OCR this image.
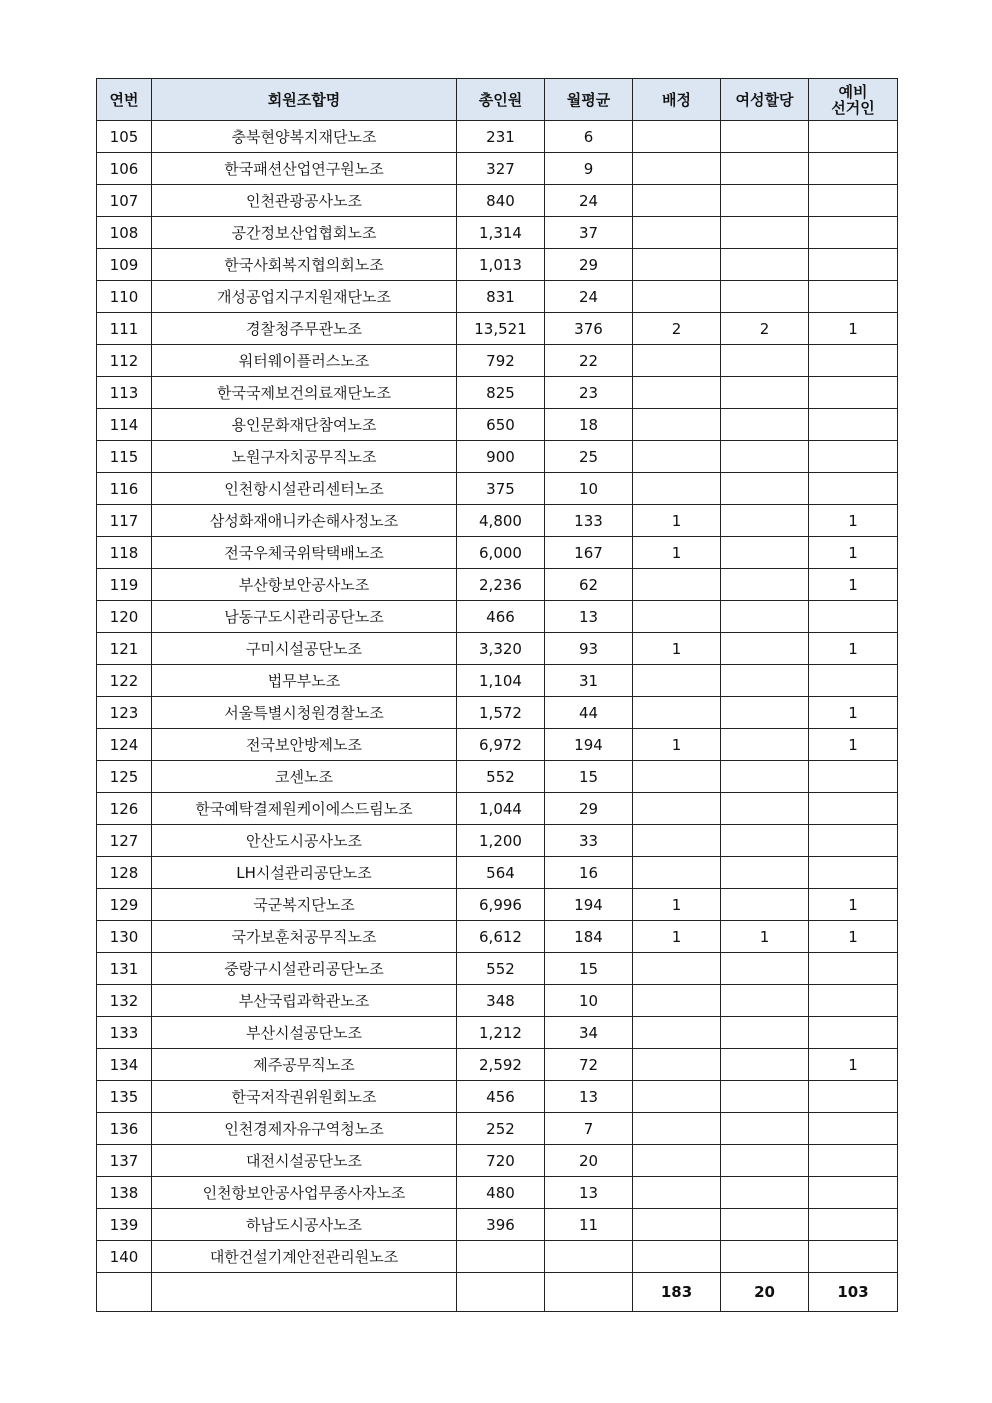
연번	회원조합명	총인원	월평균	배정	여성할당	예비
선거인

105	충북현양복지재단노조	231	6			
106	한국패션산업연구원노조	327	9			
107	인천관광공사노조	840	24			
108	공간정보산업협회노조	1,314	37			
109	한국사회복지협의회노조	1,013	29			
110	개성공업지구지원재단노조	831	24			
111	경찰청주무관노조	13,521	376	2	2	1
112	워터웨이플러스노조	792	22			
113	한국국제보건의료재단노조	825	23			
114	용인문화재단참여노조	650	18			
115	노원구자치공무직노조	900	25			
116	인천항시설관리센터노조	375	10			
117	삼성화재애니카손해사정노조	4,800	133	1		1
118	전국우체국위탁택배노조	6,000	167	1		1
119	부산항보안공사노조	2,236	62			1
120	남동구도시관리공단노조	466	13			
121	구미시설공단노조	3,320	93	1		1
122	법무부노조	1,104	31			
123	서울특별시청원경찰노조	1,572	44			1
124	전국보안방제노조	6,972	194	1		1
125	코센노조	552	15			
126	한국예탁결제원케이에스드림노조	1,044	29			
127	안산도시공사노조	1,200	33			
128	LH시설관리공단노조	564	16			
129	국군복지단노조	6,996	194	1		1
130	국가보훈처공무직노조	6,612	184	1	1	1
131	중랑구시설관리공단노조	552	15			
132	부산국립과학관노조	348	10			
133	부산시설공단노조	1,212	34			
134	제주공무직노조	2,592	72			1
135	한국저작권위원회노조	456	13			
136	인천경제자유구역청노조	252	7			
137	대전시설공단노조	720	20			
138	인천항보안공사업무종사자노조	480	13			
139	하남도시공사노조	396	11			
140	대한건설기계안전관리원노조					
				183	20	103
